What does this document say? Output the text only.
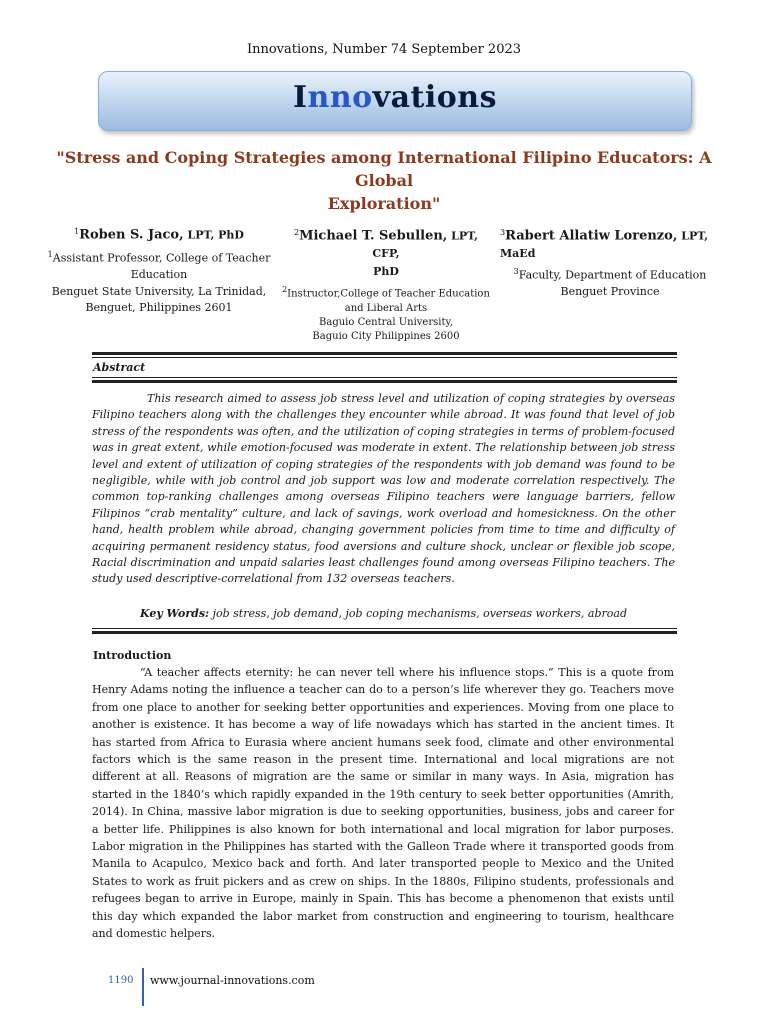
Innovations, Number 74 September 2023
Innovations
"Stress and Coping Strategies among International Filipino Educators: A Global
Exploration"
$^1$Roben S. Jaco, LPT, PhD
$^1$Assistant Professor, College of Teacher Education
Benguet State University, La Trinidad,
Benguet, Philippines 2601
$^2$Michael T. Sebullen, LPT, CFP,
PhD
$^2$Instructor,College of Teacher Education and Liberal Arts
Baguio Central University,
Baguio City Philippines 2600
$^3$Rabert Allatiw Lorenzo, LPT,
MaEd
$^3$Faculty, Department of Education
Benguet Province
Abstract
This research aimed to assess job stress level and utilization of coping strategies by overseas Filipino teachers along with the challenges they encounter while abroad. It was found that level of job stress of the respondents was often, and the utilization of coping strategies in terms of problem-focused was in great extent, while emotion-focused was moderate in extent. The relationship between job stress level and extent of utilization of coping strategies of the respondents with job demand was found to be negligible, while with job control and job support was low and moderate correlation respectively. The common top-ranking challenges among overseas Filipino teachers were language barriers, fellow Filipinos “crab mentality” culture, and lack of savings, work overload and homesickness. On the other hand, health problem while abroad, changing government policies from time to time and difficulty of acquiring permanent residency status, food aversions and culture shock, unclear or flexible job scope, Racial discrimination and unpaid salaries least challenges found among overseas Filipino teachers. The study used descriptive-correlational from 132 overseas teachers.
Key Words: job stress, job demand, job coping mechanisms, overseas workers, abroad
Introduction
“A teacher affects eternity: he can never tell where his influence stops.” This is a quote from Henry Adams noting the influence a teacher can do to a person’s life wherever they go. Teachers move from one place to another for seeking better opportunities and experiences. Moving from one place to another is existence. It has become a way of life nowadays which has started in the ancient times. It has started from Africa to Eurasia where ancient humans seek food, climate and other environmental factors which is the same reason in the present time. International and local migrations are not different at all. Reasons of migration are the same or similar in many ways. In Asia, migration has started in the 1840’s which rapidly expanded in the 19th century to seek better opportunities (Amrith, 2014). In China, massive labor migration is due to seeking opportunities, business, jobs and career for a better life. Philippines is also known for both international and local migration for labor purposes. Labor migration in the Philippines has started with the Galleon Trade where it transported goods from Manila to Acapulco, Mexico back and forth. And later transported people to Mexico and the United States to work as fruit pickers and as crew on ships. In the 1880s, Filipino students, professionals and refugees began to arrive in Europe, mainly in Spain. This has become a phenomenon that exists until this day which expanded the labor market from construction and engineering to tourism, healthcare and domestic helpers.
1190 www.journal-innovations.com
